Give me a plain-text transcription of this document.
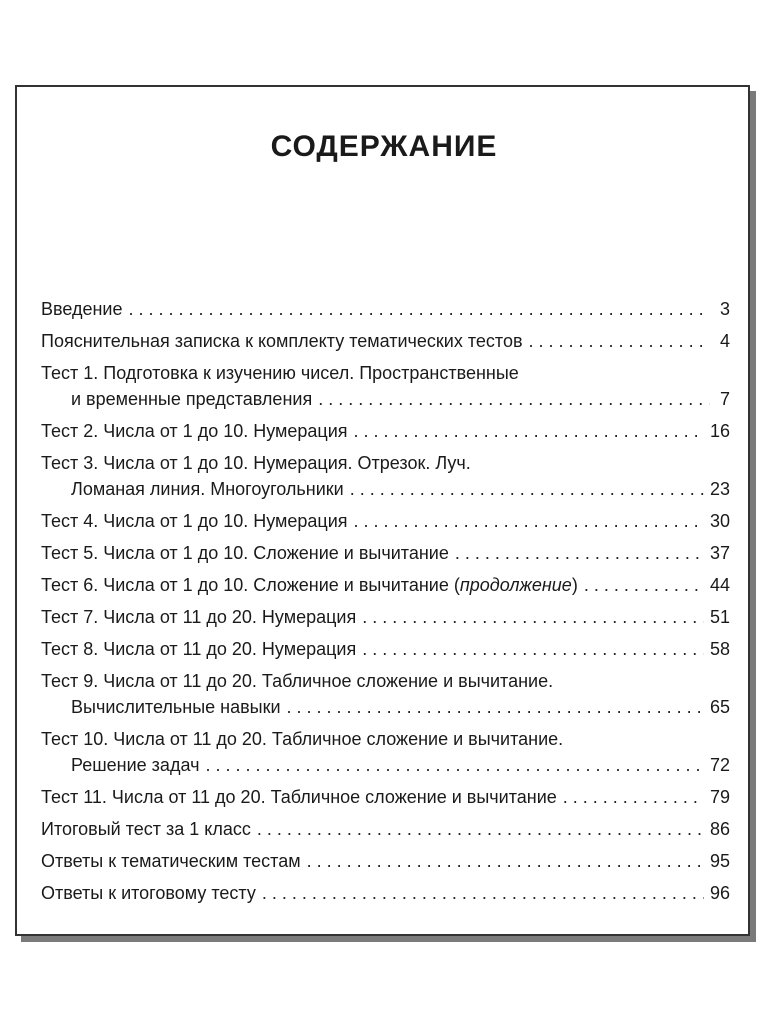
СОДЕРЖАНИЕ
Введение . . .	3
Пояснительная записка к комплекту тематических тестов . . .	4
Тест 1. Подготовка к изучению чисел. Пространственные
и временные представления . . .	7
Тест 2. Числа от 1 до 10. Нумерация . . .	16
Тест 3. Числа от 1 до 10. Нумерация. Отрезок. Луч.
Ломаная линия. Многоугольники . . .	23
Тест 4. Числа от 1 до 10. Нумерация . . .	30
Тест 5. Числа от 1 до 10. Сложение и вычитание . . .	37
Тест 6. Числа от 1 до 10. Сложение и вычитание (продолжение) . . .	44
Тест 7. Числа от 11 до 20. Нумерация . . .	51
Тест 8. Числа от 11 до 20. Нумерация . . .	58
Тест 9. Числа от 11 до 20. Табличное сложение и вычитание.
Вычислительные навыки . . .	65
Тест 10. Числа от 11 до 20. Табличное сложение и вычитание.
Решение задач . . .	72
Тест 11. Числа от 11 до 20. Табличное сложение и вычитание . . .	79
Итоговый тест за 1 класс . . .	86
Ответы к тематическим тестам . . .	95
Ответы к итоговому тесту . . .	96
